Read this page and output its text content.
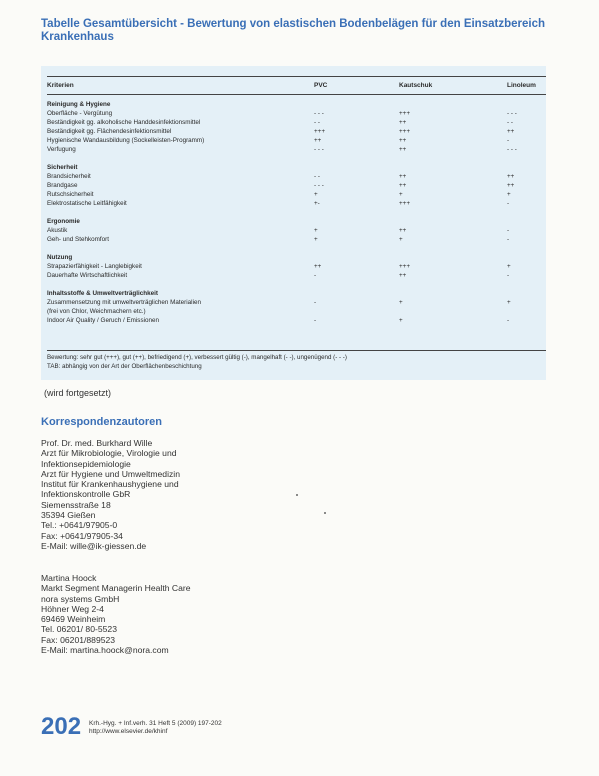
Tabelle Gesamtübersicht - Bewertung von elastischen Bodenbelägen für den Einsatzbereich Krankenhaus
Kriterien	PVC	Kautschuk	Linoleum
Reinigung & Hygiene
Oberfläche - Vergütung	- - -	+++	- - -
Beständigkeit gg. alkoholische Handdesinfektionsmittel	- -	++	- -
Beständigkeit gg. Flächendesinfektionsmittel	+++	+++	++
Hygienische Wandausbildung (Sockelleisten-Programm)	++	++	-
Verfugung	- - -	++	- - -
Sicherheit
Brandsicherheit	- -	++	++
Brandgase	- - -	++	++
Rutschsicherheit	+	+	+
Elektrostatische Leitfähigkeit	+-	+++	-
Ergonomie
Akustik	+	++	-
Geh- und Stehkomfort	+	+	-
Nutzung
Strapazierfähigkeit - Langlebigkeit	++	+++	+
Dauerhafte Wirtschaftlichkeit	-	++	-
Inhaltsstoffe & Umweltverträglichkeit
Zusammensetzung mit umweltverträglichen Materialien	-	+	+
(frei von Chlor, Weichmachern etc.)
Indoor Air Quality / Geruch / Emissionen	-	+	-
Bewertung: sehr gut (+++), gut (++), befriedigend (+), verbessert gültig (-), mangelhaft (- -), ungenügend (- - -)
TAB: abhängig von der Art der Oberflächenbeschichtung
(wird fortgesetzt)
Korrespondenzautoren
Prof. Dr. med. Burkhard Wille
Arzt für Mikrobiologie, Virologie und
Infektionsepidemiologie
Arzt für Hygiene und Umweltmedizin
Institut für Krankenhaushygiene und
Infektionskontrolle GbR
Siemensstraße 18
35394 Gießen
Tel.: +0641/97905-0
Fax: +0641/97905-34
E-Mail: wille@ik-giessen.de
Martina Hoock
Markt Segment Managerin Health Care
nora systems GmbH
Höhner Weg 2-4
69469 Weinheim
Tel. 06201/ 80-5523
Fax: 06201/889523
E-Mail: martina.hoock@nora.com
202 Krh.-Hyg. + Inf.verh. 31 Heft 5 (2009) 197-202
http://www.elsevier.de/khinf
